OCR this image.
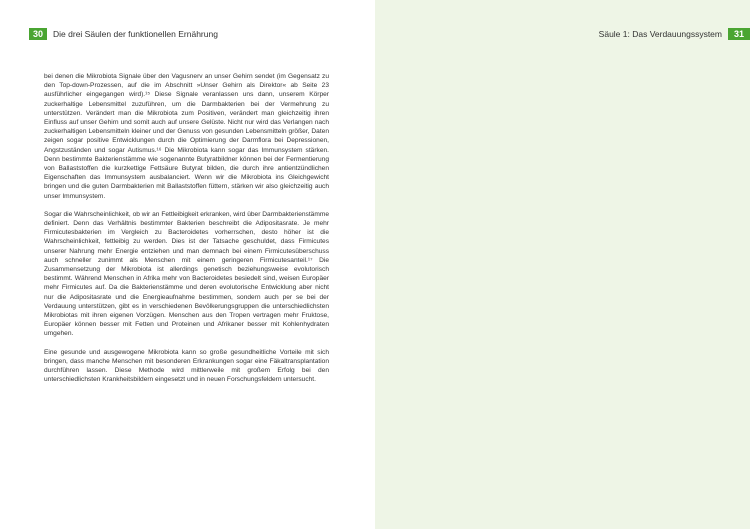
30	Die drei Säulen der funktionellen Ernährung

bei denen die Mikrobiota Signale über den Vagusnerv an unser Gehirn sendet (im Gegensatz zu den Top-down-Prozessen, auf die im Abschnitt »Unser Gehirn als Direktor« ab Seite 23 ausführlicher eingegangen wird).¹⁵ Diese Signale veranlassen uns dann, unserem Körper zuckerhaltige Lebensmittel zuzuführen, um die Darmbakterien bei der Vermehrung zu unterstützen. Verändert man die Mikrobiota zum Positiven, verändert man gleichzeitig ihren Einfluss auf unser Gehirn und somit auch auf unsere Gelüste. Nicht nur wird das Verlangen nach zuckerhaltigen Lebensmitteln kleiner und der Genuss von gesunden Lebensmitteln größer, Daten zeigen sogar positive Entwicklungen durch die Optimierung der Darmflora bei Depressionen, Angstzuständen und sogar Autismus.¹⁶ Die Mikrobiota kann sogar das Immunsystem stärken. Denn bestimmte Bakterienstämme wie sogenannte Butyratbildner können bei der Fermentierung von Ballaststoffen die kurzkettige Fettsäure Butyrat bilden, die durch ihre antientzündlichen Eigenschaften das Immunsystem ausbalanciert. Wenn wir die Mikrobiota ins Gleichgewicht bringen und die guten Darmbakterien mit Ballaststoffen füttern, stärken wir also gleichzeitig auch unser Immunsystem.

Sogar die Wahrscheinlichkeit, ob wir an Fettleibigkeit erkranken, wird über Darmbakterienstämme definiert. Denn das Verhältnis bestimmter Bakterien beschreibt die Adipositasrate. Je mehr Firmicutesbakterien im Vergleich zu Bacteroidetes vorherrschen, desto höher ist die Wahrscheinlichkeit, fettleibig zu werden. Dies ist der Tatsache geschuldet, dass Firmicutes unserer Nahrung mehr Energie entziehen und man demnach bei einem Firmicutesüberschuss auch schneller zunimmt als Menschen mit einem geringeren Firmicutesanteil.¹⁷ Die Zusammensetzung der Mikrobiota ist allerdings genetisch beziehungsweise evolutorisch bestimmt. Während Menschen in Afrika mehr von Bacteroidetes besiedelt sind, weisen Europäer mehr Firmicutes auf. Da die Bakterienstämme und deren evolutorische Entwicklung aber nicht nur die Adipositasrate und die Energieaufnahme bestimmen, sondern auch per se bei der Verdauung unterstützen, gibt es in verschiedenen Bevölkerungsgruppen die unterschiedlichsten Mikrobiotas mit ihren eigenen Vorzügen. Menschen aus den Tropen vertragen mehr Fruktose, Europäer können besser mit Fetten und Proteinen und Afrikaner besser mit Kohlenhydraten umgehen.

Eine gesunde und ausgewogene Mikrobiota kann so große gesundheitliche Vorteile mit sich bringen, dass manche Menschen mit besonderen Erkrankungen sogar eine Fäkaltransplantation durchführen lassen. Diese Methode wird mittlerweile mit großem Erfolg bei den unterschiedlichsten Krankheitsbildern eingesetzt und in neuen Forschungsfeldern untersucht.

Säule 1: Das Verdauungssystem	31
